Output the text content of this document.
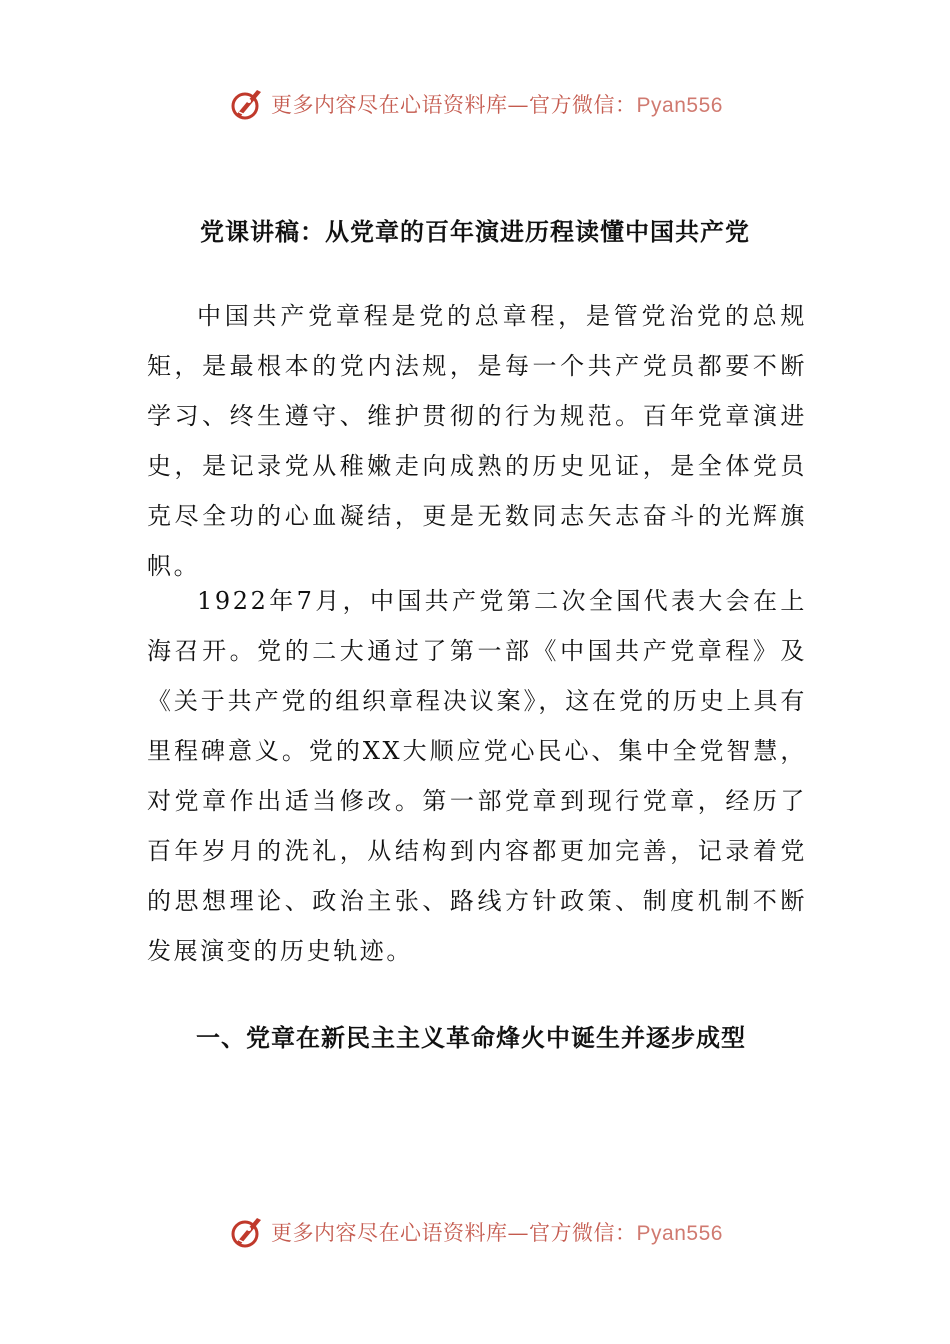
更多内容尽在心语资料库—官方微信：Pyan556
党课讲稿：从党章的百年演进历程读懂中国共产党

中国共产党章程是党的总章程，是管党治党的总规矩，是最根本的党内法规，是每一个共产党员都要不断学习、终生遵守、维护贯彻的行为规范。百年党章演进史，是记录党从稚嫩走向成熟的历史见证，是全体党员克尽全功的心血凝结，更是无数同志矢志奋斗的光辉旗帜。

1922年7月，中国共产党第二次全国代表大会在上海召开。党的二大通过了第一部《中国共产党章程》及《关于共产党的组织章程决议案》，这在党的历史上具有里程碑意义。党的XX大顺应党心民心、集中全党智慧，对党章作出适当修改。第一部党章到现行党章，经历了百年岁月的洗礼，从结构到内容都更加完善，记录着党的思想理论、政治主张、路线方针政策、制度机制不断发展演变的历史轨迹。

一、党章在新民主主义革命烽火中诞生并逐步成型
更多内容尽在心语资料库—官方微信：Pyan556
